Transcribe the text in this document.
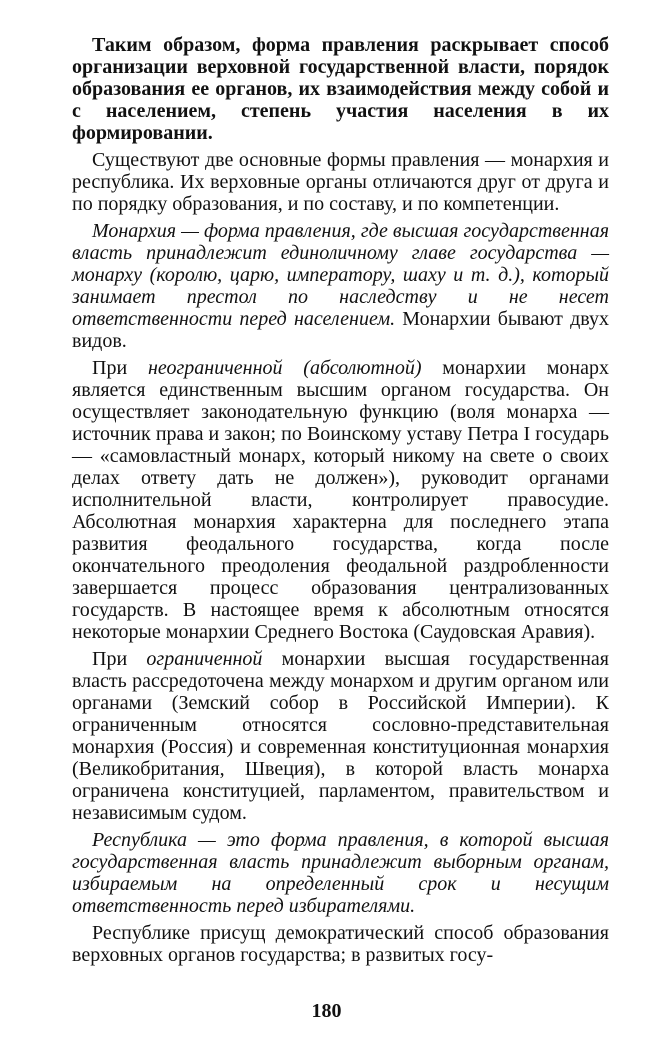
Таким образом, форма правления раскрывает способ организации верховной государственной власти, порядок образования ее органов, их взаимодействия между собой и с населением, степень участия населения в их формировании.

Существуют две основные формы правления — монархия и республика. Их верховные органы отличаются друг от друга и по порядку образования, и по составу, и по компетенции.

Монархия — форма правления, где высшая государственная власть принадлежит единоличному главе государства — монарху (королю, царю, императору, шаху и т. д.), который занимает престол по наследству и не несет ответственности перед населением. Монархии бывают двух видов.

При неограниченной (абсолютной) монархии монарх является единственным высшим органом государства. Он осуществляет законодательную функцию (воля монарха — источник права и закон; по Воинскому уставу Петра I государь — «самовластный монарх, который никому на свете о своих делах ответу дать не должен»), руководит органами исполнительной власти, контролирует правосудие. Абсолютная монархия характерна для последнего этапа развития феодального государства, когда после окончательного преодоления феодальной раздробленности завершается процесс образования централизованных государств. В настоящее время к абсолютным относятся некоторые монархии Среднего Востока (Саудовская Аравия).

При ограниченной монархии высшая государственная власть рассредоточена между монархом и другим органом или органами (Земский собор в Российской Империи). К ограниченным относятся сословно-представительная монархия (Россия) и современная конституционная монархия (Великобритания, Швеция), в которой власть монарха ограничена конституцией, парламентом, правительством и независимым судом.

Республика — это форма правления, в которой высшая государственная власть принадлежит выборным органам, избираемым на определенный срок и несущим ответственность перед избирателями.

Республике присущ демократический способ образования верховных органов государства; в развитых госу-

180
